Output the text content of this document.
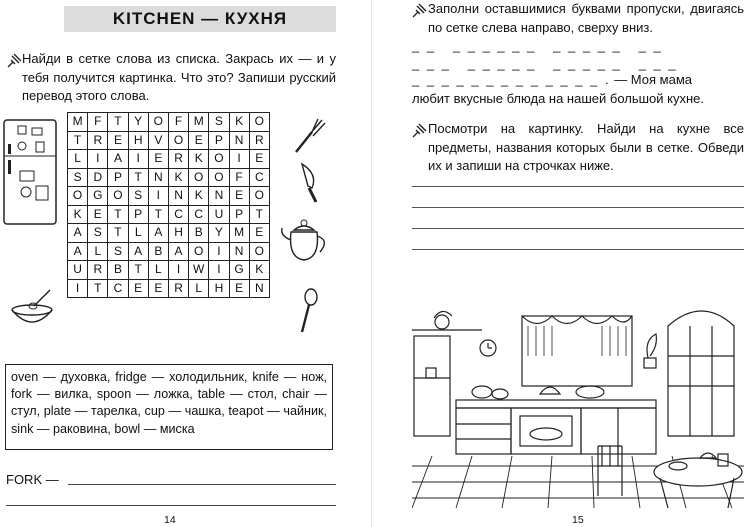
KITCHEN — КУХНЯ
Найди в сетке слова из списка. Закрась их — и у тебя получится картинка. Что это? Запиши русский перевод этого слова.
M	F	T	Y	O	F	M	S	K	O
T	R	E	H	V	O	E	P	N	R
L	I	A	I	E	R	K	O	I	E
S	D	P	T	N	K	O	O	F	C
O	G	O	S	I	N	K	N	E	O
K	E	T	P	T	C	C	U	P	T
A	S	T	L	A	H	B	Y	M	E
A	L	S	A	B	A	O	I	N	O
U	R	B	T	L	I	W	I	G	K
I	T	C	E	E	R	L	H	E	N
oven — духовка, fridge — холодильник, knife — нож, fork — вилка, spoon — ложка, table — стол, chair — стул, plate — тарелка, cup — чашка, teapot — чайник, sink — раковина, bowl — миска
FORK —
14
Заполни оставшимися буквами пропуски, двигаясь по сетке слева направо, сверху вниз.
_ _   _ _ _ _ _ _   _ _ _ _ _   _ _
_ _ _   _ _ _ _ _   _ _ _ _ _   _ _ _
_ _ _ _ _ _ _ _ _ _ _ _ _ . — Моя мама
любит вкусные блюда на нашей большой кухне.
Посмотри на картинку. Найди на кухне все предметы, названия которых были в сетке. Обведи их и запиши на строчках ниже.
15
